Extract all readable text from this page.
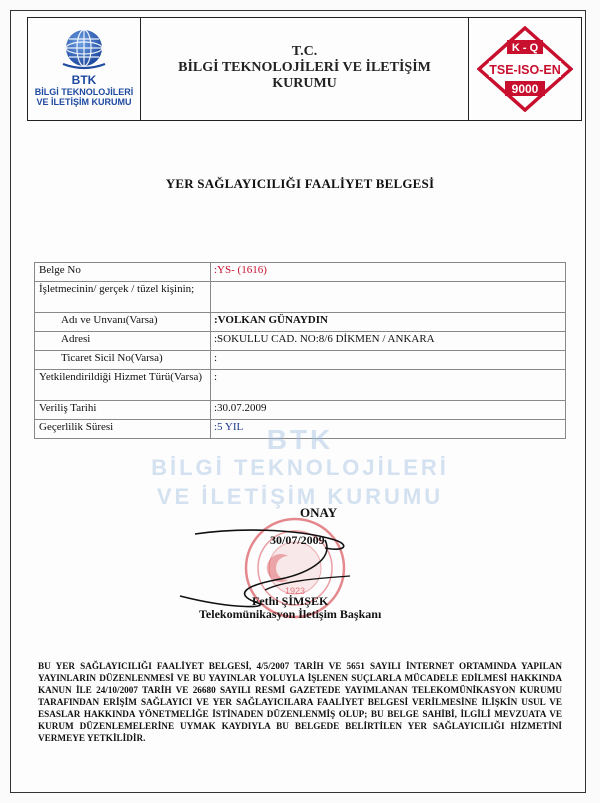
BTK
BİLGİ TEKNOLOJİLERİ
VE İLETİŞİM KURUMU
T.C.
BİLGİ TEKNOLOJİLERİ VE İLETİŞİM
KURUMU
K - Q
TSE-ISO-EN
9000
YER SAĞLAYICILIĞI FAALİYET BELGESİ
Belge No	:YS- (1616)
İşletmecinin/ gerçek / tüzel kişinin;	
Adı ve Unvanı(Varsa)	:VOLKAN GÜNAYDIN
Adresi	:SOKULLU CAD. NO:8/6 DİKMEN / ANKARA
Ticaret Sicil No(Varsa)	:
Yetkilendirildiği Hizmet Türü(Varsa)	:
Veriliş Tarihi	:30.07.2009
Geçerlilik Süresi	:5 YIL BTK
BİLGİ TEKNOLOJİLERİ
VE İLETİŞİM KURUMU
1923
ONAY
30/07/2009
Fethi ŞİMŞEK
Telekomünikasyon İletişim Başkanı
BU YER SAĞLAYICILIĞI FAALİYET BELGESİ, 4/5/2007 TARİH VE 5651 SAYILI İNTERNET ORTAMINDA YAPILAN YAYINLARIN DÜZENLENMESİ VE BU YAYINLAR YOLUYLA İŞLENEN SUÇLARLA MÜCADELE EDİLMESİ HAKKINDA KANUN İLE 24/10/2007 TARİH VE 26680 SAYILI RESMİ GAZETEDE YAYIMLANAN TELEKOMÜNİKASYON KURUMU TARAFINDAN ERİŞİM SAĞLAYICI VE YER SAĞLAYICILARA FAALİYET BELGESİ VERİLMESİNE İLİŞKİN USUL VE ESASLAR HAKKINDA YÖNETMELİĞE İSTİNADEN DÜZENLENMİŞ OLUP; BU BELGE SAHİBİ, İLGİLİ MEVZUATA VE KURUM DÜZENLEMELERİNE UYMAK KAYDIYLA BU BELGEDE BELİRTİLEN YER SAĞLAYICILIĞI HİZMETİNİ VERMEYE YETKİLİDİR.
